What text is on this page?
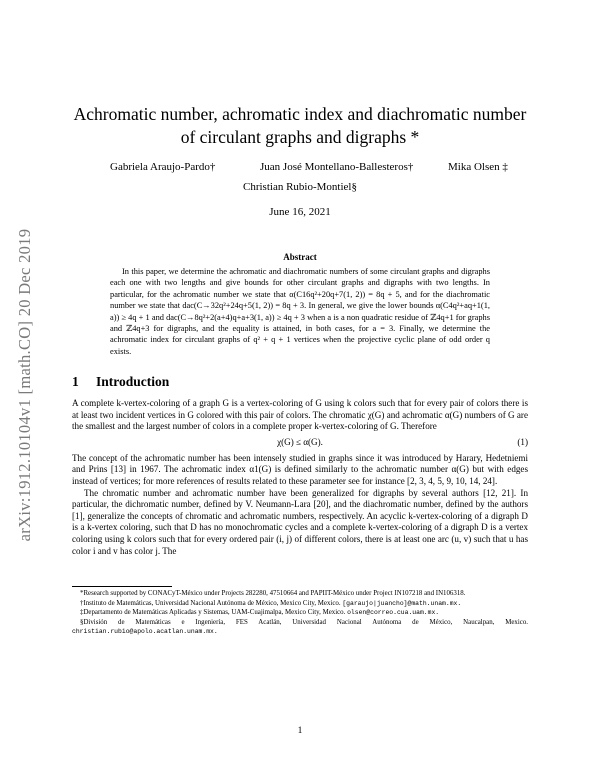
arXiv:1912.10104v1 [math.CO] 20 Dec 2019
Achromatic number, achromatic index and diachromatic number of circulant graphs and digraphs *
Gabriela Araujo-Pardo†	Juan José Montellano-Ballesteros†	Mika Olsen ‡
Christian Rubio-Montiel§
June 16, 2021
Abstract

In this paper, we determine the achromatic and diachromatic numbers of some circulant graphs and digraphs each one with two lengths and give bounds for other circulant graphs and digraphs with two lengths. In particular, for the achromatic number we state that α(C16q²+20q+7(1, 2)) = 8q + 5, and for the diachromatic number we state that dac(C→32q²+24q+5(1, 2)) = 8q + 3. In general, we give the lower bounds α(C4q²+aq+1(1, a)) ≥ 4q + 1 and dac(C→8q²+2(a+4)q+a+3(1, a)) ≥ 4q + 3 when a is a non quadratic residue of ℤ4q+1 for graphs and ℤ4q+3 for digraphs, and the equality is attained, in both cases, for a = 3. Finally, we determine the achromatic index for circulant graphs of q² + q + 1 vertices when the projective cyclic plane of odd order q exists.

1 Introduction

A complete k-vertex-coloring of a graph G is a vertex-coloring of G using k colors such that for every pair of colors there is at least two incident vertices in G colored with this pair of colors. The chromatic χ(G) and achromatic α(G) numbers of G are the smallest and the largest number of colors in a complete proper k-vertex-coloring of G. Therefore

χ(G) ≤ α(G).	(1)

The concept of the achromatic number has been intensely studied in graphs since it was introduced by Harary, Hedetniemi and Prins [13] in 1967. The achromatic index α1(G) is defined similarly to the achromatic number α(G) but with edges instead of vertices; for more references of results related to these parameter see for instance [2, 3, 4, 5, 9, 10, 14, 24].

The chromatic number and achromatic number have been generalized for digraphs by several authors [12, 21]. In particular, the dichromatic number, defined by V. Neumann-Lara [20], and the diachromatic number, defined by the authors [1], generalize the concepts of chromatic and achromatic numbers, respectively. An acyclic k-vertex-coloring of a digraph D is a k-vertex coloring, such that D has no monochromatic cycles and a complete k-vertex-coloring of a digraph D is a vertex coloring using k colors such that for every ordered pair (i, j) of different colors, there is at least one arc (u, v) such that u has color i and v has color j. The

*Research supported by CONACyT-México under Projects 282280, 47510664 and PAPIIT-México under Project IN107218 and IN106318.

†Instituto de Matemáticas, Universidad Nacional Autónoma de México, Mexico City, Mexico. [garaujo|juancho]@math.unam.mx.

‡Departamento de Matemáticas Aplicadas y Sistemas, UAM-Cuajimalpa, Mexico City, Mexico. olsen@correo.cua.uam.mx.

§División de Matemáticas e Ingeniería, FES Acatlán, Universidad Nacional Autónoma de México, Naucalpan, Mexico. christian.rubio@apolo.acatlan.unam.mx.

1
